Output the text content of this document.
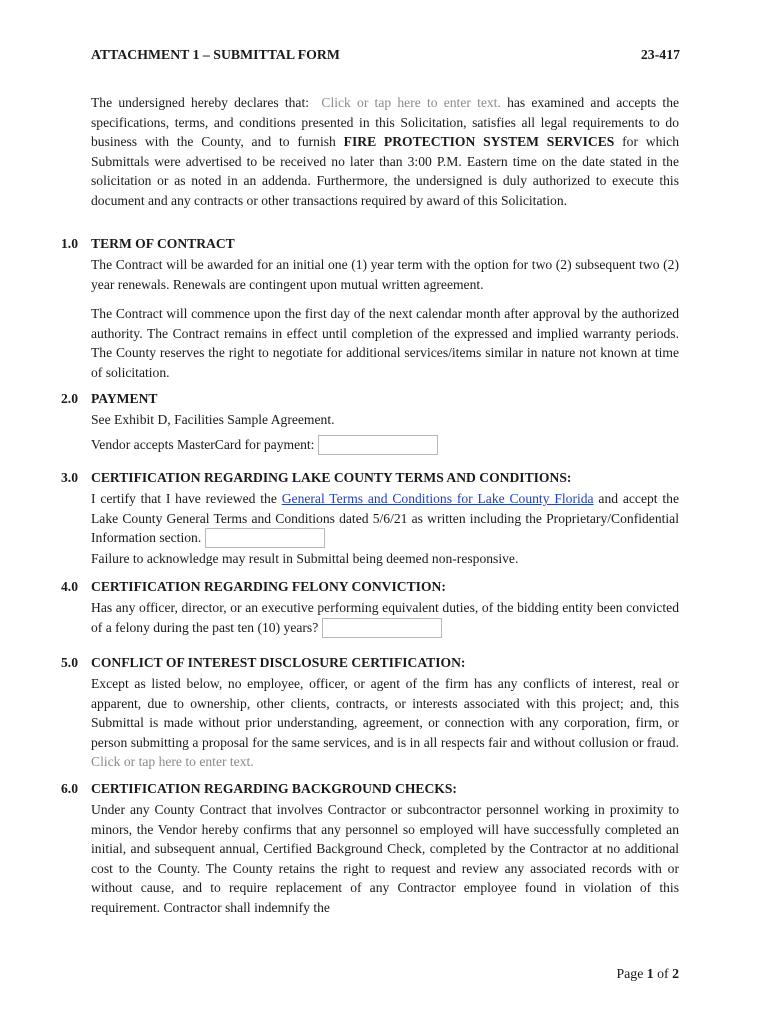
ATTACHMENT 1 – SUBMITTAL FORM	23-417

The undersigned hereby declares that: Click or tap here to enter text. has examined and accepts the specifications, terms, and conditions presented in this Solicitation, satisfies all legal requirements to do business with the County, and to furnish FIRE PROTECTION SYSTEM SERVICES for which Submittals were advertised to be received no later than 3:00 P.M. Eastern time on the date stated in the solicitation or as noted in an addenda. Furthermore, the undersigned is duly authorized to execute this document and any contracts or other transactions required by award of this Solicitation.

1.0 TERM OF CONTRACT

The Contract will be awarded for an initial one (1) year term with the option for two (2) subsequent two (2) year renewals. Renewals are contingent upon mutual written agreement.

The Contract will commence upon the first day of the next calendar month after approval by the authorized authority. The Contract remains in effect until completion of the expressed and implied warranty periods. The County reserves the right to negotiate for additional services/items similar in nature not known at time of solicitation.

2.0 PAYMENT

See Exhibit D, Facilities Sample Agreement.

Vendor accepts MasterCard for payment:

3.0 CERTIFICATION REGARDING LAKE COUNTY TERMS AND CONDITIONS:

I certify that I have reviewed the General Terms and Conditions for Lake County Florida and accept the Lake County General Terms and Conditions dated 5/6/21 as written including the Proprietary/Confidential Information section.

Failure to acknowledge may result in Submittal being deemed non-responsive.

4.0 CERTIFICATION REGARDING FELONY CONVICTION:

Has any officer, director, or an executive performing equivalent duties, of the bidding entity been convicted of a felony during the past ten (10) years?

5.0 CONFLICT OF INTEREST DISCLOSURE CERTIFICATION:

Except as listed below, no employee, officer, or agent of the firm has any conflicts of interest, real or apparent, due to ownership, other clients, contracts, or interests associated with this project; and, this Submittal is made without prior understanding, agreement, or connection with any corporation, firm, or person submitting a proposal for the same services, and is in all respects fair and without collusion or fraud. Click or tap here to enter text.

6.0 CERTIFICATION REGARDING BACKGROUND CHECKS:

Under any County Contract that involves Contractor or subcontractor personnel working in proximity to minors, the Vendor hereby confirms that any personnel so employed will have successfully completed an initial, and subsequent annual, Certified Background Check, completed by the Contractor at no additional cost to the County. The County retains the right to request and review any associated records with or without cause, and to require replacement of any Contractor employee found in violation of this requirement. Contractor shall indemnify the

Page 1 of 2
